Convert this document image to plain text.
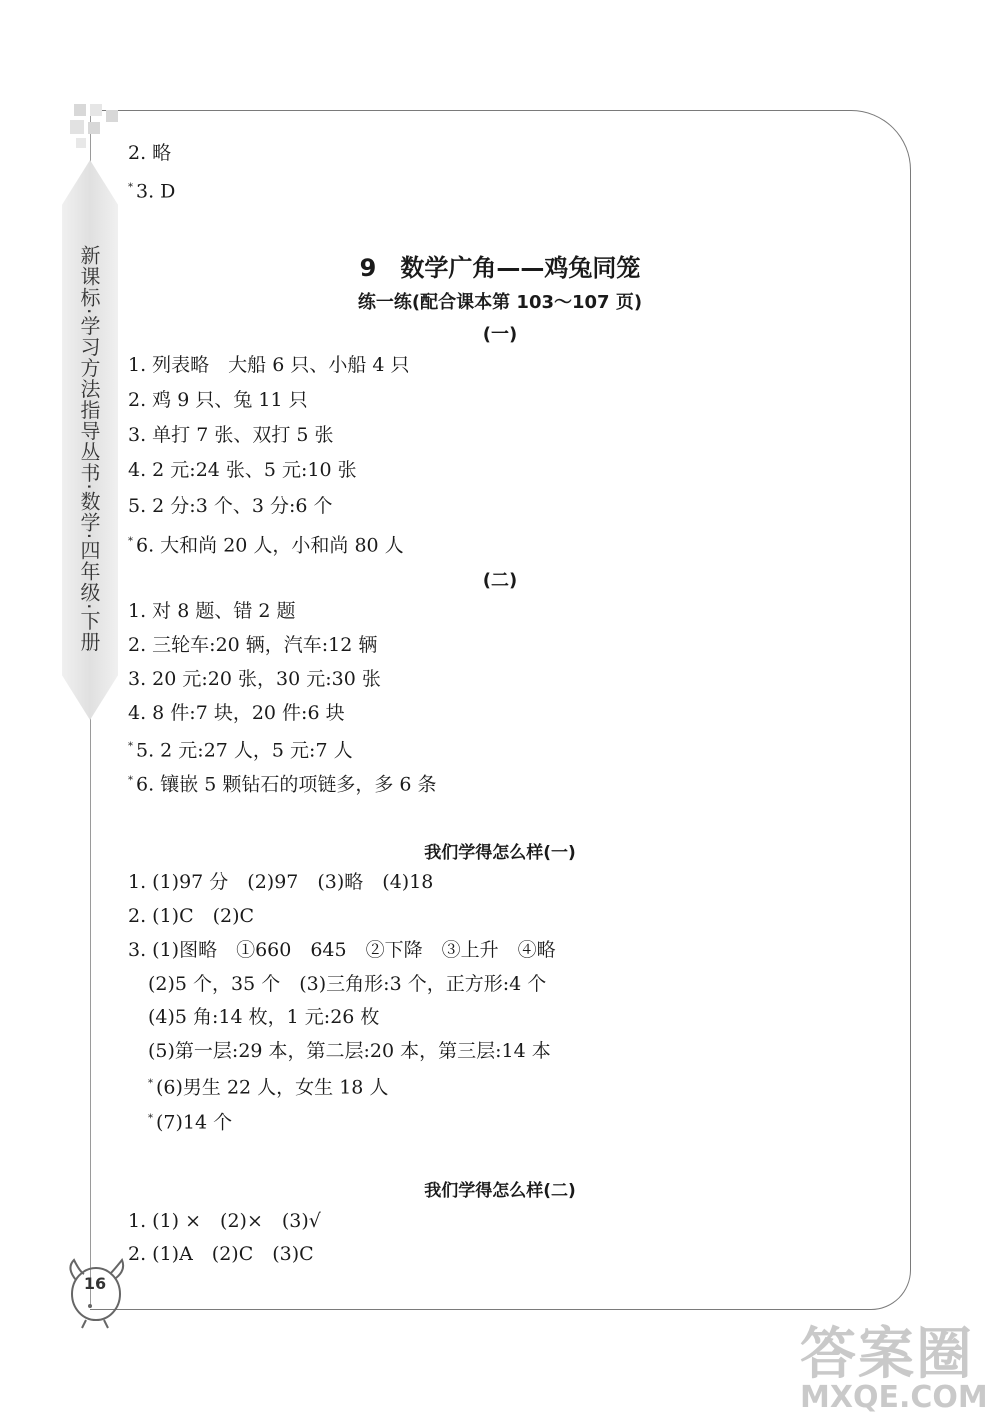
新课标·学习方法指导丛书·数学·四年级·下册
16
2. 略
* 3. D
9　数学广角——鸡兔同笼
练一练(配合课本第 103～107 页)
(一)
1. 列表略　大船 6 只、小船 4 只
2. 鸡 9 只、兔 11 只
3. 单打 7 张、双打 5 张
4. 2 元:24 张、5 元:10 张
5. 2 分:3 个、3 分:6 个
* 6. 大和尚 20 人，小和尚 80 人
(二)
1. 对 8 题、错 2 题
2. 三轮车:20 辆，汽车:12 辆
3. 20 元:20 张，30 元:30 张
4. 8 件:7 块，20 件:6 块
* 5. 2 元:27 人，5 元:7 人
* 6. 镶嵌 5 颗钻石的项链多，多 6 条
我们学得怎么样(一)
1. (1)97 分　(2)97　(3)略　(4)18
2. (1)C　(2)C
3. (1)图略　①660　645　②下降　③上升　④略
(2)5 个，35 个　(3)三角形:3 个，正方形:4 个
(4)5 角:14 枚，1 元:26 枚
(5)第一层:29 本，第二层:20 本，第三层:14 本
* (6)男生 22 人，女生 18 人
* (7)14 个
我们学得怎么样(二)
1. (1) ×　(2)×　(3)√
2. (1)A　(2)C　(3)C
答案圈
MXQE.COM
